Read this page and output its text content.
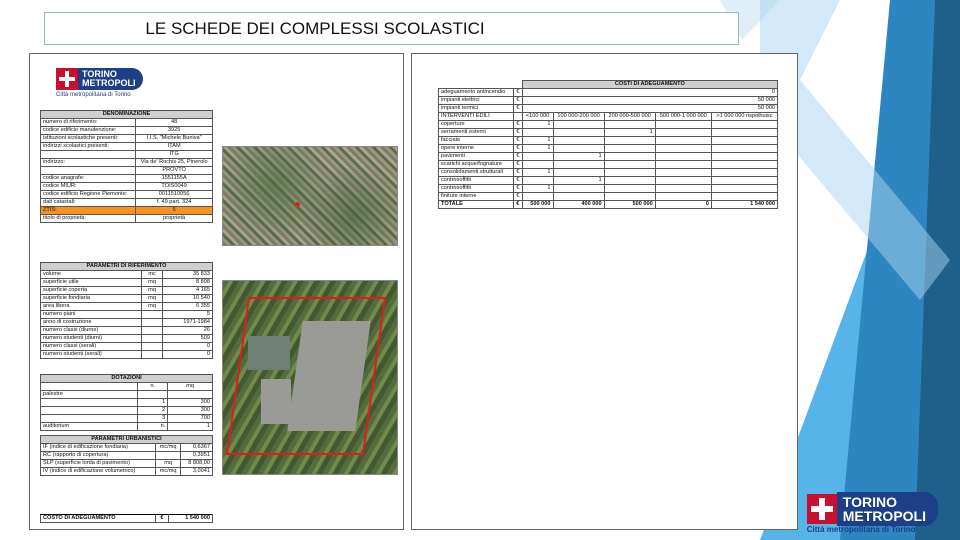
LE SCHEDE DEI COMPLESSI SCOLASTICI
TORINO
METROPOLI
Città metropolitana di Torino
DENOMINAZIONE	
numero di riferimento:	48
codice edificio manutenzione:	3925
istituzioni scolastiche presenti:	I.I.S. "Michele Buniva"
indirizzi scolastici presenti:	ITAM
	ITG
indirizzo:	Via de' Rochis 25, Pinerolo
	PROVTO
codice anagrafe:	1551155A
codice MIUR:	TOIS0049
codice edificio Regione Piemonte:	0011510056
dati catastali:	f. 49 part. 324
ZTIS:	5
titolo di proprietà:	proprietà
PARAMETRI DI RIFERIMENTO		
volume	mc	35 833
superficie utile	mq	8 808
superficie coperta	mq	4 165
superficie fondiaria	mq	10 540
area libera	mq	6 355
numero piani		5
anno di costruzione		1971-1984
numero classi (diurne)		26
numero studenti (diurni)		509
numero classi (serali)		0
numero studenti (serali)		0
DOTAZIONI		
	n.	mq
palestre		
	1	300
	2	300
	3	700
auditorium	n.	1
PARAMETRI URBANISTICI		
IF (indice di edificazione fondiaria)	mc/mq	0,6367
RC (rapporto di copertura)		0,3951
SLP (superficie lorda di pavimento)	mq	8 808,00
IV (indice di edificazione volumetrico)	mc/mq	3,0041
COSTO DI ADEGUAMENTO	€	1 540 000
		COSTI DI ADEGUAMENTO				
adeguamento antincendio	€	0				
impianti elettrici	€	50 000				
impianti termici	€	50 000				
INTERVENTI EDILI		<100 000	100 000-200 000	200 000-500 000	500 000-1 000 000	>1 000 000 rispolhuisc
coperture	€	1				
serramenti esterni	€			1		
facciate	€	1				
opere interne	€	1				
pavimenti	€		1			
scarichi acque/fognature	€					
consolidamenti strutturali	€	1				
controsoffitti	€		1			
controsoffitti	€	1				
finiture interne	€					
TOTALE	€	500 000	400 000	500 000	0	1 540 000
TORINO
METROPOLI
Città metropolitana di Torino
